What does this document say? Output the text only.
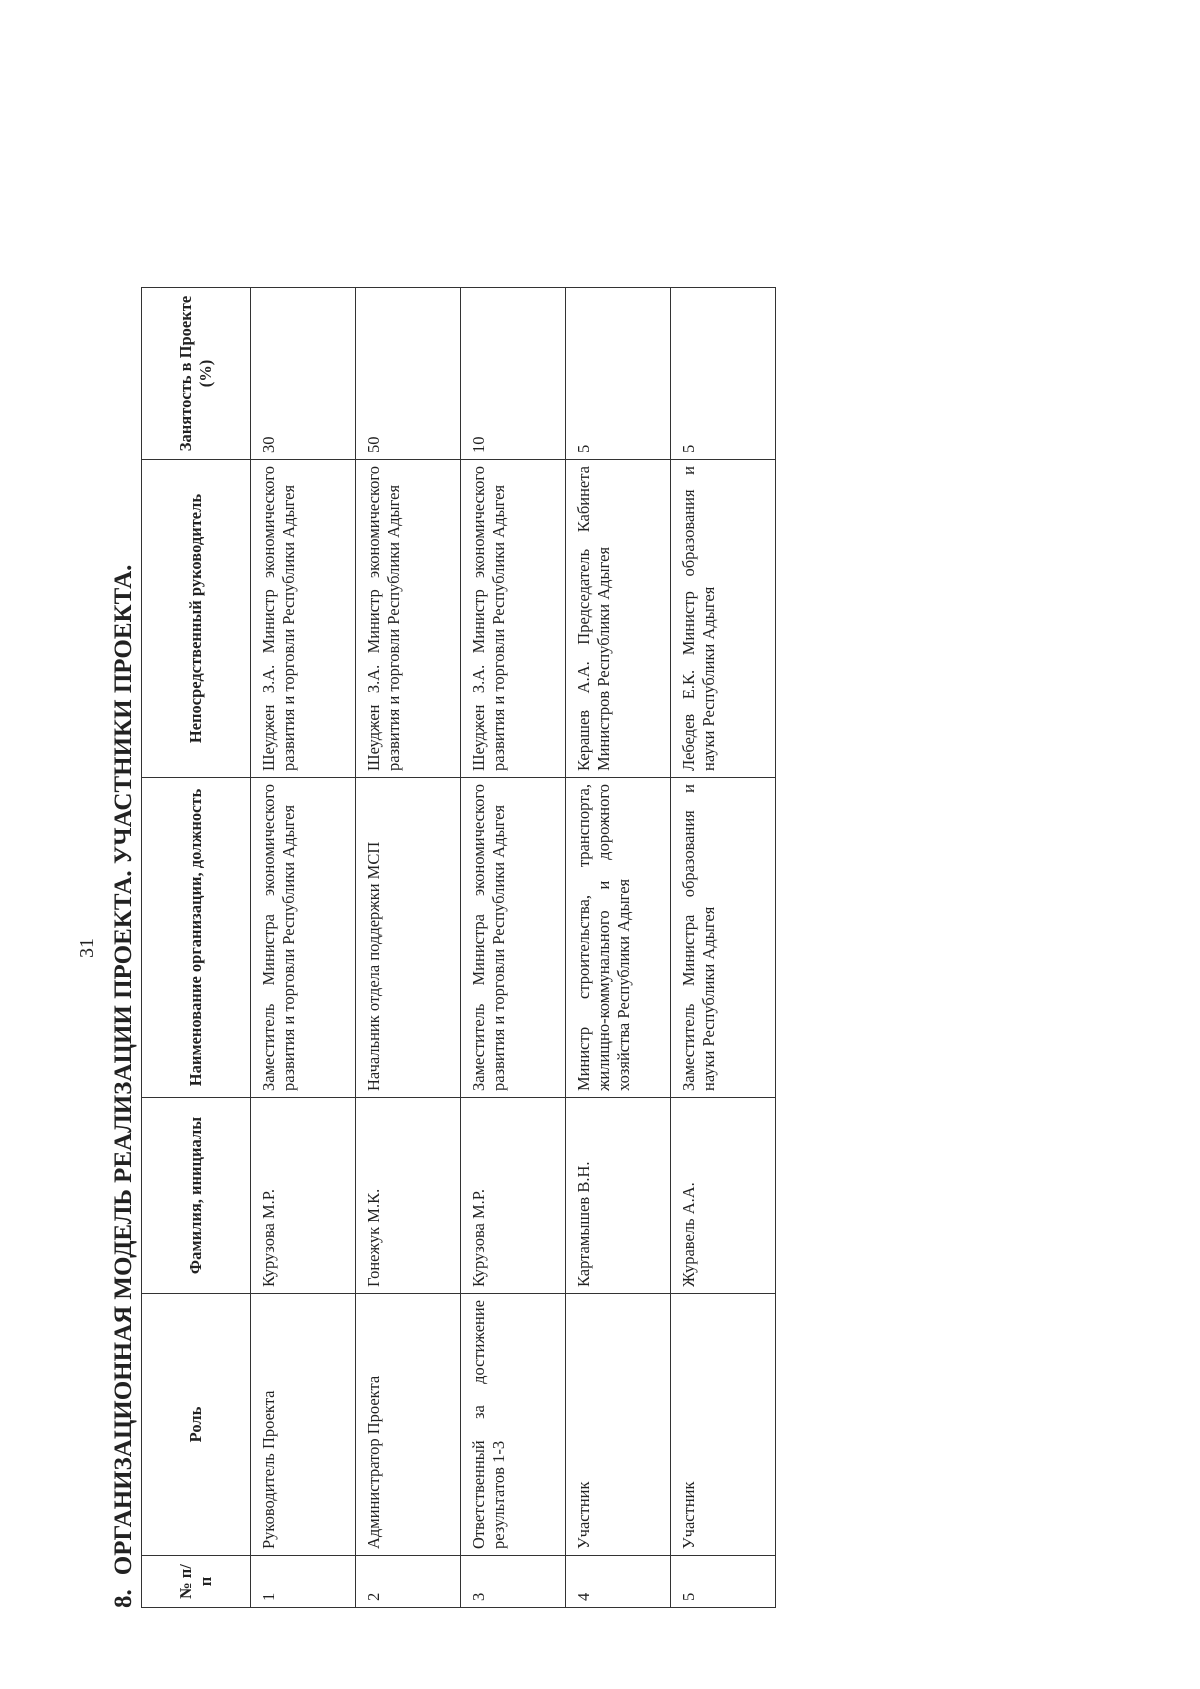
31
8.ОРГАНИЗАЦИОННАЯ МОДЕЛЬ РЕАЛИЗАЦИИ ПРОЕКТА. УЧАСТНИКИ ПРОЕКТА.
№ п/п	Роль	Фамилия, инициалы	Наименование организации, должность	Непосредственный руководитель	Занятость в Проекте (%)
1	Руководитель Проекта	Курузова М.Р.	Заместитель Министра экономического развития и торговли Республики Адыгея	Шеуджен З.А. Министр экономического развития и торговли Республики Адыгея	30
2	Администратор Проекта	Гонежук М.К.	Начальник отдела поддержки МСП	Шеуджен З.А. Министр экономического развития и торговли Республики Адыгея	50
3	Ответственный за достижение результатов 1-3	Курузова М.Р.	Заместитель Министра экономического развития и торговли Республики Адыгея	Шеуджен З.А. Министр экономического развития и торговли Республики Адыгея	10
4	Участник	Картамышев В.Н.	Министр строительства, транспорта, жилищно-коммунального и дорожного хозяйства Республики Адыгея	Керашев А.А. Председатель Кабинета Министров Республики Адыгея	5
5	Участник	Журавель А.А.	Заместитель Министра образования и науки Республики Адыгея	Лебедев Е.К. Министр образования и науки Республики Адыгея	5
